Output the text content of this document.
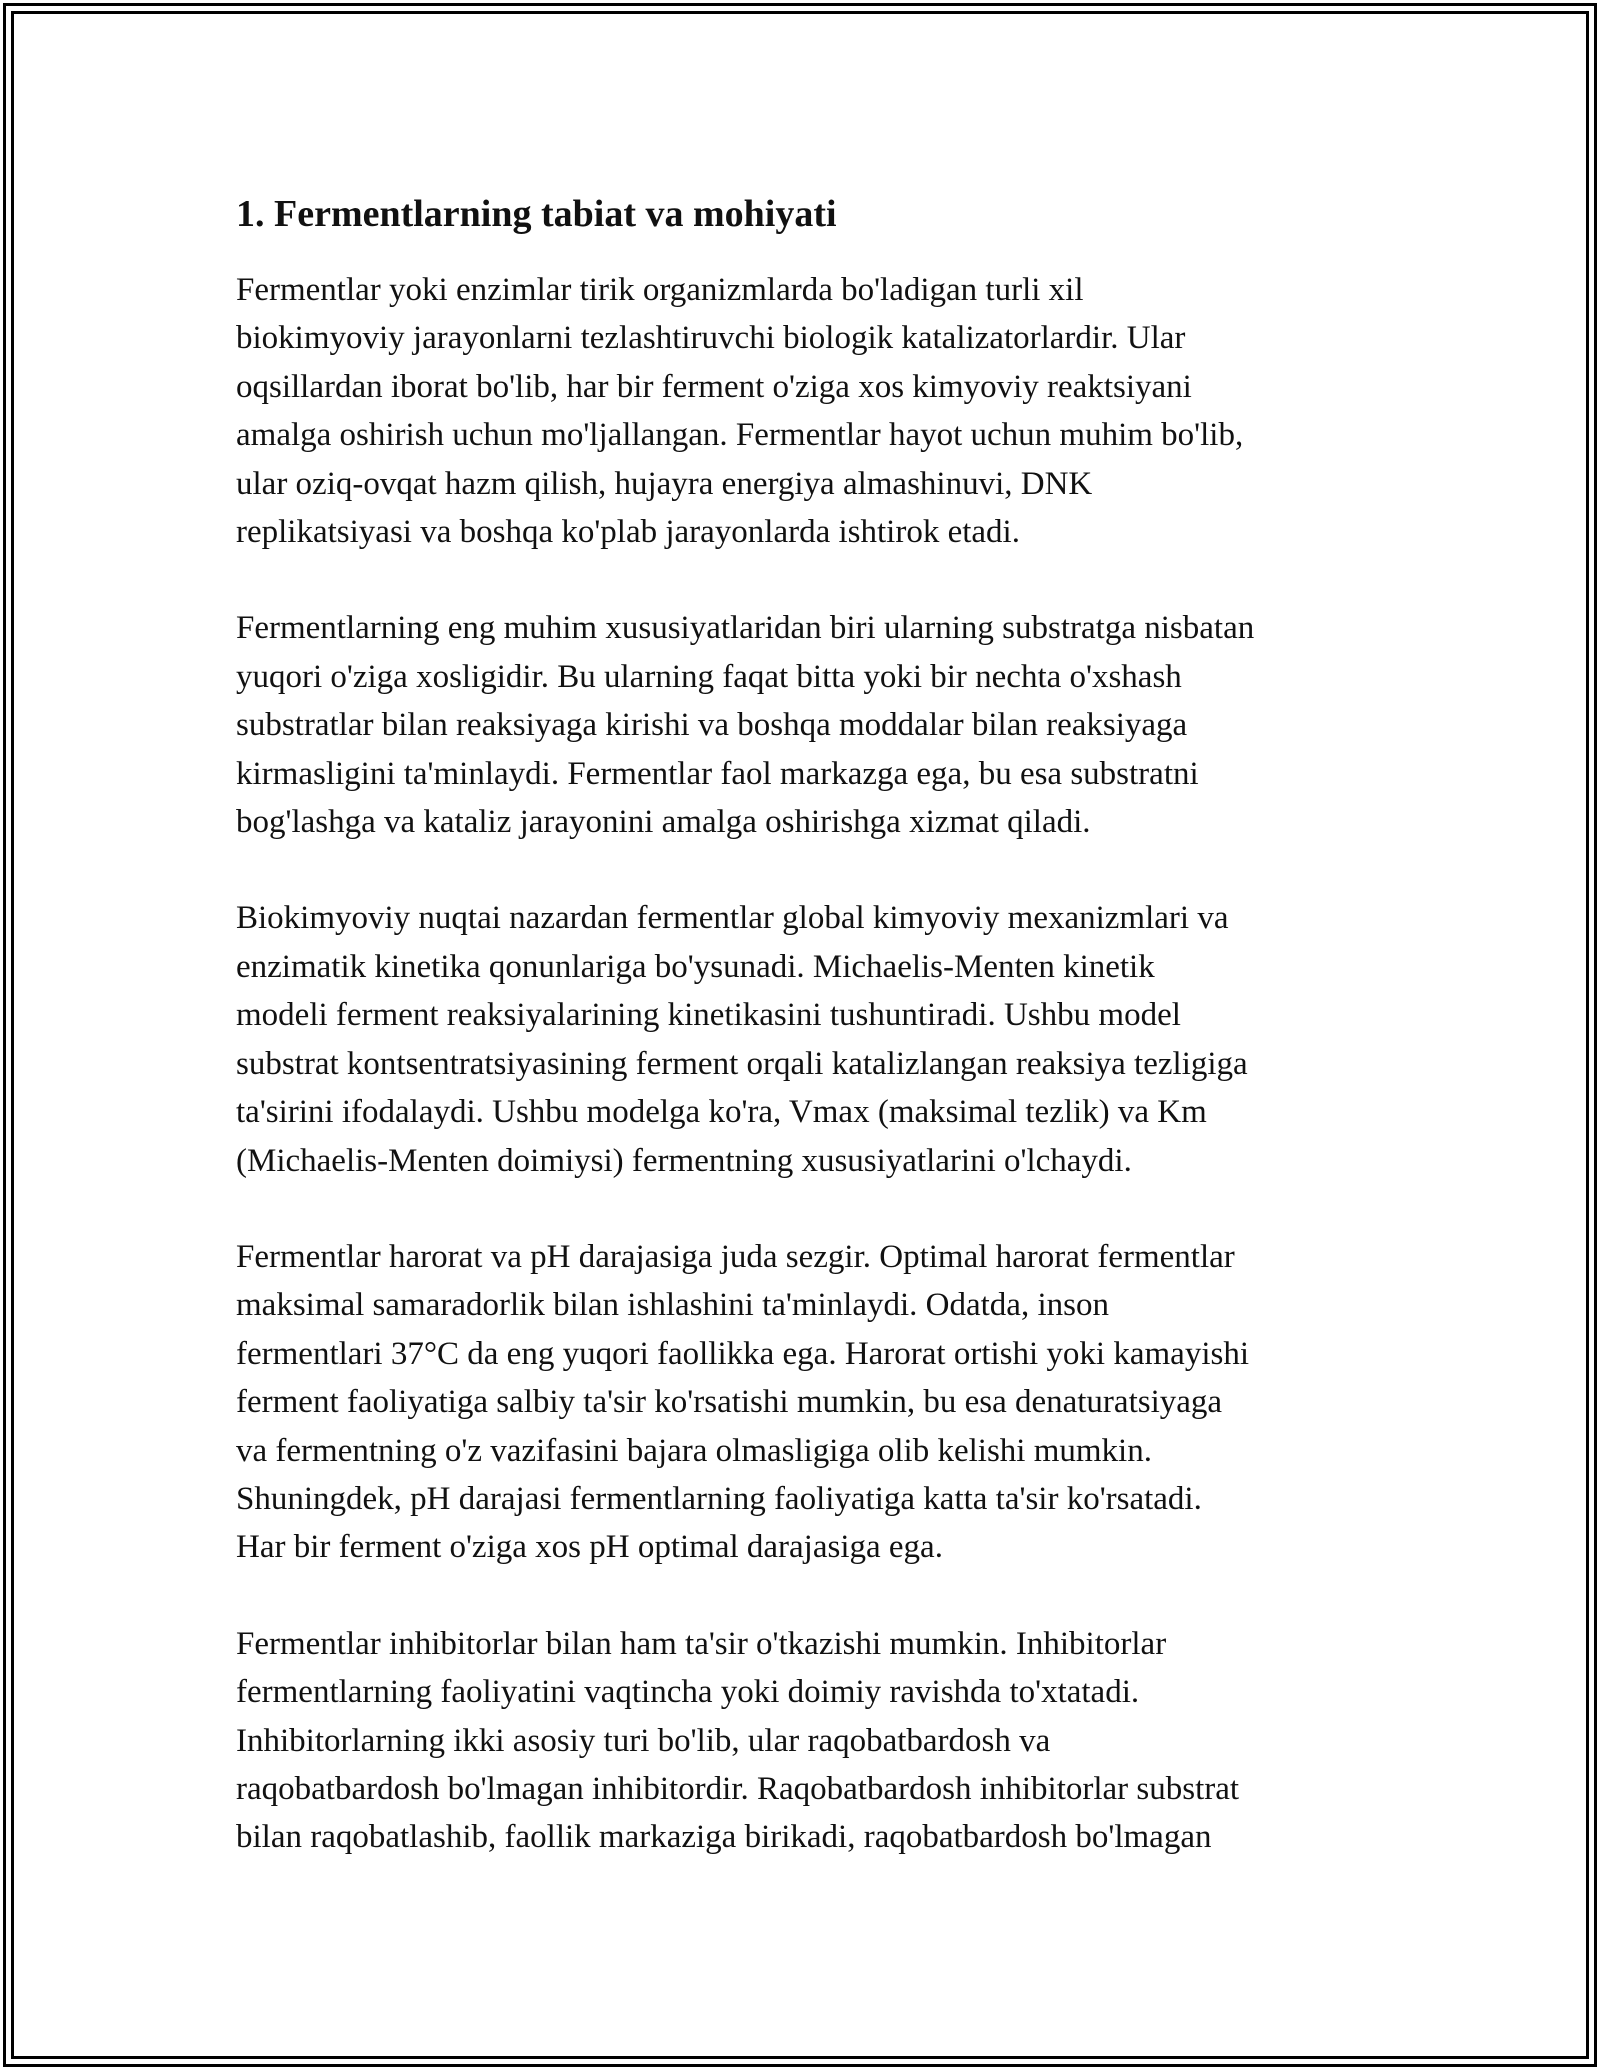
1. Fermentlarning tabiat va mohiyati

Fermentlar yoki enzimlar tirik organizmlarda bo'ladigan turli xil
biokimyoviy jarayonlarni tezlashtiruvchi biologik katalizatorlardir. Ular
oqsillardan iborat bo'lib, har bir ferment o'ziga xos kimyoviy reaktsiyani
amalga oshirish uchun mo'ljallangan. Fermentlar hayot uchun muhim bo'lib,
ular oziq-ovqat hazm qilish, hujayra energiya almashinuvi, DNK
replikatsiyasi va boshqa ko'plab jarayonlarda ishtirok etadi.

Fermentlarning eng muhim xususiyatlaridan biri ularning substratga nisbatan
yuqori o'ziga xosligidir. Bu ularning faqat bitta yoki bir nechta o'xshash
substratlar bilan reaksiyaga kirishi va boshqa moddalar bilan reaksiyaga
kirmasligini ta'minlaydi. Fermentlar faol markazga ega, bu esa substratni
bog'lashga va kataliz jarayonini amalga oshirishga xizmat qiladi.

Biokimyoviy nuqtai nazardan fermentlar global kimyoviy mexanizmlari va
enzimatik kinetika qonunlariga bo'ysunadi. Michaelis-Menten kinetik
modeli ferment reaksiyalarining kinetikasini tushuntiradi. Ushbu model
substrat kontsentratsiyasining ferment orqali katalizlangan reaksiya tezligiga
ta'sirini ifodalaydi. Ushbu modelga ko'ra, Vmax (maksimal tezlik) va Km
(Michaelis-Menten doimiysi) fermentning xususiyatlarini o'lchaydi.

Fermentlar harorat va pH darajasiga juda sezgir. Optimal harorat fermentlar
maksimal samaradorlik bilan ishlashini ta'minlaydi. Odatda, inson
fermentlari 37°C da eng yuqori faollikka ega. Harorat ortishi yoki kamayishi
ferment faoliyatiga salbiy ta'sir ko'rsatishi mumkin, bu esa denaturatsiyaga
va fermentning o'z vazifasini bajara olmasligiga olib kelishi mumkin.
Shuningdek, pH darajasi fermentlarning faoliyatiga katta ta'sir ko'rsatadi.
Har bir ferment o'ziga xos pH optimal darajasiga ega.

Fermentlar inhibitorlar bilan ham ta'sir o'tkazishi mumkin. Inhibitorlar
fermentlarning faoliyatini vaqtincha yoki doimiy ravishda to'xtatadi.
Inhibitorlarning ikki asosiy turi bo'lib, ular raqobatbardosh va
raqobatbardosh bo'lmagan inhibitordir. Raqobatbardosh inhibitorlar substrat
bilan raqobatlashib, faollik markaziga birikadi, raqobatbardosh bo'lmagan
